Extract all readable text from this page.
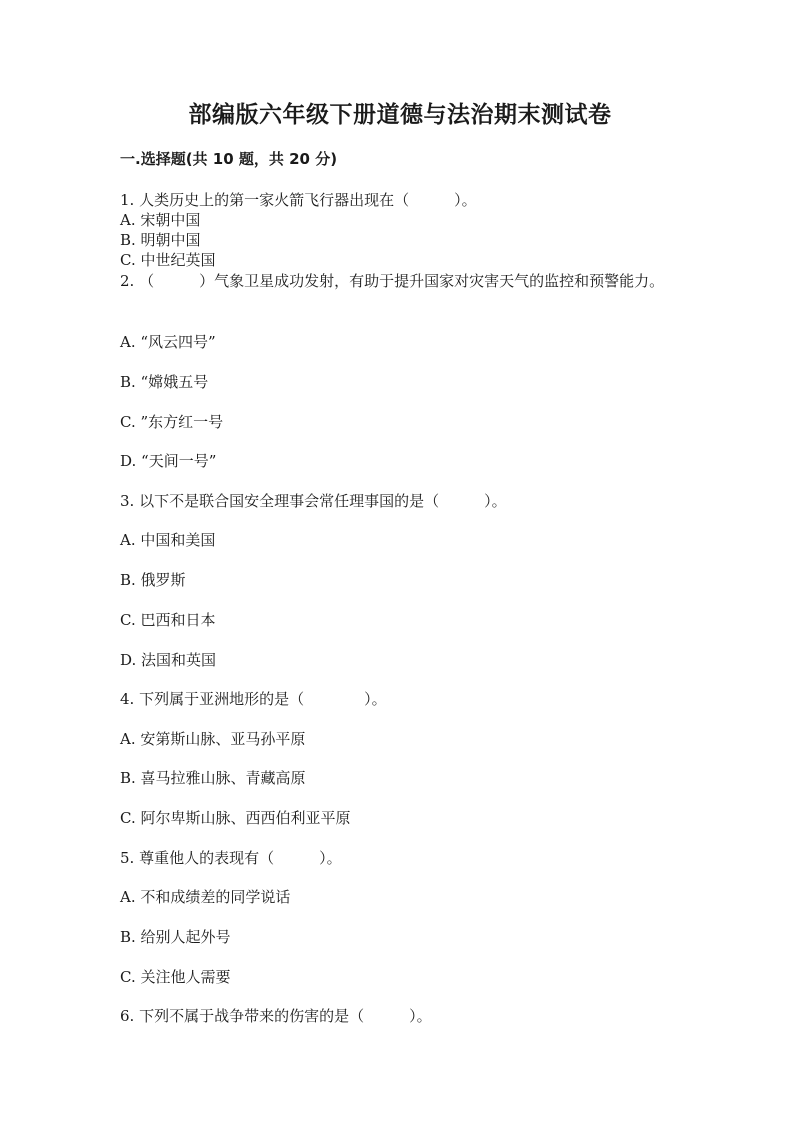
部编版六年级下册道德与法治期末测试卷
一.选择题(共 10 题，共 20 分)
1. 人类历史上的第一家火箭飞行器出现在（　　　）。
A. 宋朝中国
B. 明朝中国
C. 中世纪英国
2. （　　　）气象卫星成功发射，有助于提升国家对灾害天气的监控和预警能力。
A. “风云四号”
B. “嫦娥五号
C. ”东方红一号
D. “天间一号”
3. 以下不是联合国安全理事会常任理事国的是（　　　）。
A. 中国和美国
B. 俄罗斯
C. 巴西和日本
D. 法国和英国
4. 下列属于亚洲地形的是（　　　　）。
A. 安第斯山脉、亚马孙平原
B. 喜马拉雅山脉、青藏高原
C. 阿尔卑斯山脉、西西伯利亚平原
5. 尊重他人的表现有（　　　）。
A. 不和成绩差的同学说话
B. 给别人起外号
C. 关注他人需要
6. 下列不属于战争带来的伤害的是（　　　）。
